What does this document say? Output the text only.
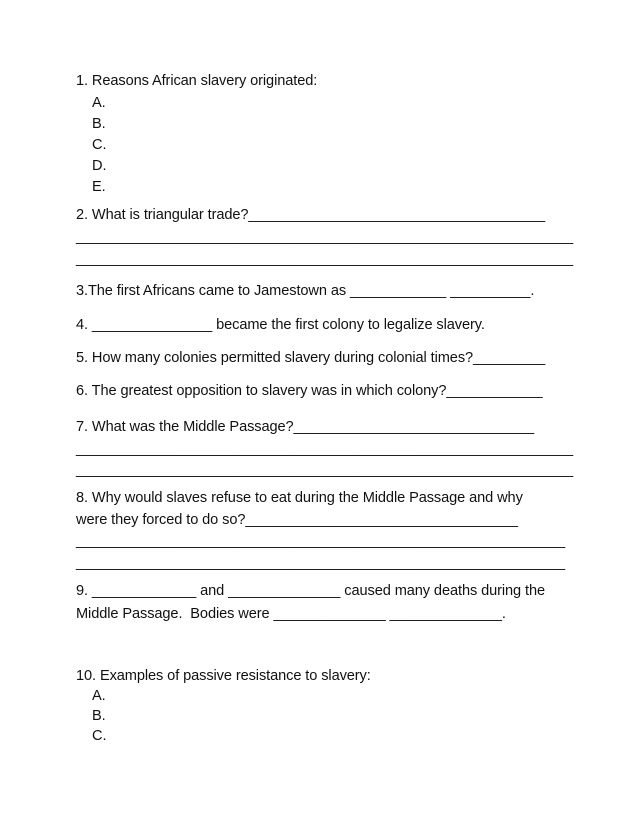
1. Reasons African slavery originated:
A.
B.
C.
D.
E.
2. What is triangular trade?_____________________________________
______________________________________________________________
______________________________________________________________
3.The first Africans came to Jamestown as ____________ __________.
4. _______________ became the first colony to legalize slavery.
5. How many colonies permitted slavery during colonial times?_________
6. The greatest opposition to slavery was in which colony?____________
7. What was the Middle Passage?______________________________
______________________________________________________________
______________________________________________________________
8. Why would slaves refuse to eat during the Middle Passage and why
were they forced to do so?__________________________________
_____________________________________________________________
_____________________________________________________________
9. _____________ and ______________ caused many deaths during the
Middle Passage.  Bodies were ______________ ______________.
10. Examples of passive resistance to slavery:
A.
B.
C.
